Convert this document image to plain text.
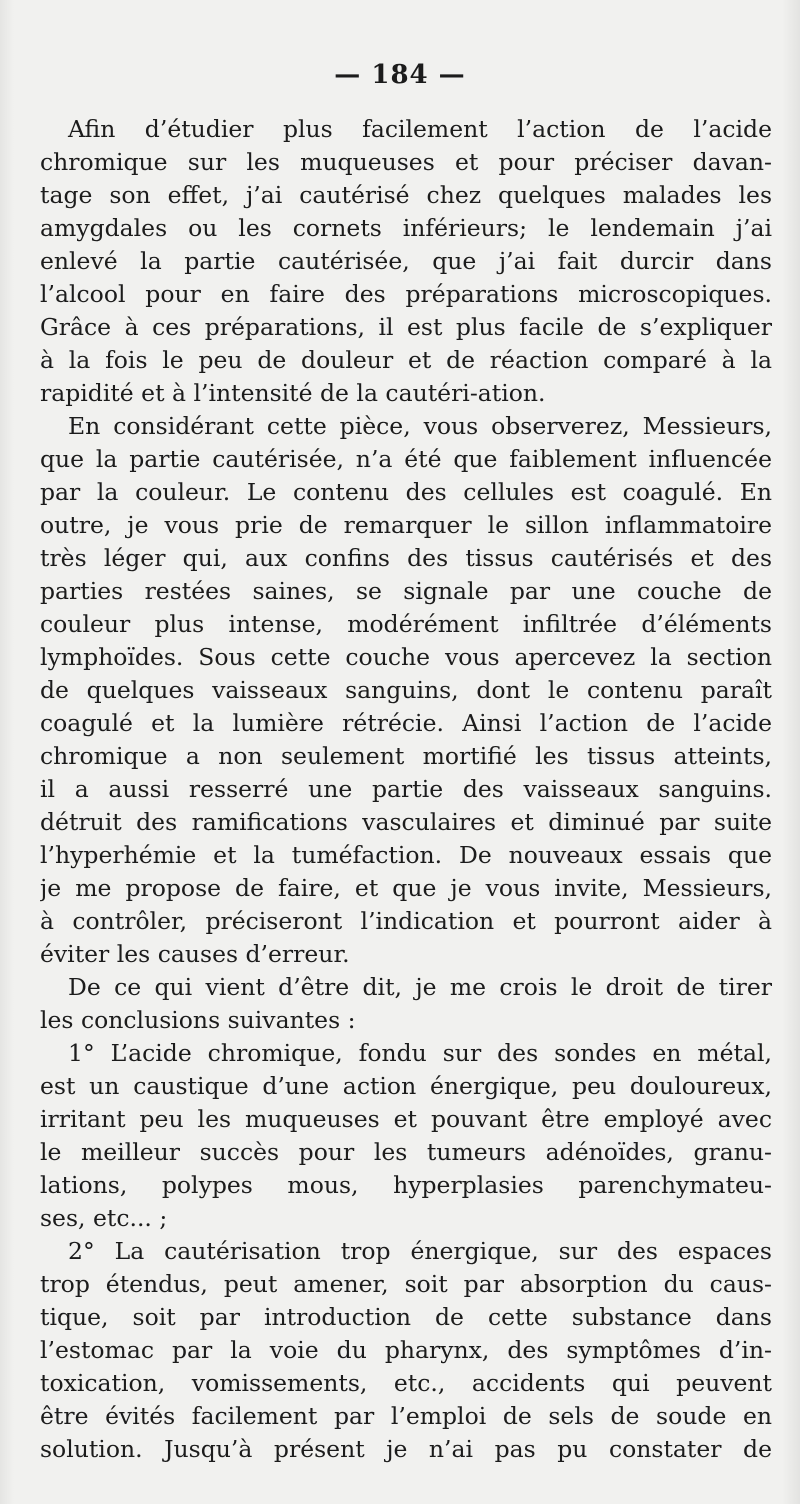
— 184 —
Afin d’étudier plus facilement l’action de l’acide
chromique sur les muqueuses et pour préciser davan-
tage son effet, j’ai cautérisé chez quelques malades les
amygdales ou les cornets inférieurs; le lendemain j’ai
enlevé la partie cautérisée, que j’ai fait durcir dans
l’alcool pour en faire des préparations microscopiques.
Grâce à ces préparations, il est plus facile de s’expliquer
à la fois le peu de douleur et de réaction comparé à la
rapidité et à l’intensité de la cautéri-ation.
En considérant cette pièce, vous observerez, Messieurs,
que la partie cautérisée, n’a été que faiblement influencée
par la couleur. Le contenu des cellules est coagulé. En
outre, je vous prie de remarquer le sillon inflammatoire
très léger qui, aux confins des tissus cautérisés et des
parties restées saines, se signale par une couche de
couleur plus intense, modérément infiltrée d’éléments
lymphoïdes. Sous cette couche vous apercevez la section
de quelques vaisseaux sanguins, dont le contenu paraît
coagulé et la lumière rétrécie. Ainsi l’action de l’acide
chromique a non seulement mortifié les tissus atteints,
il a aussi resserré une partie des vaisseaux sanguins.
détruit des ramifications vasculaires et diminué par suite
l’hyperhémie et la tuméfaction. De nouveaux essais que
je me propose de faire, et que je vous invite, Messieurs,
à contrôler, préciseront l’indication et pourront aider à
éviter les causes d’erreur.
De ce qui vient d’être dit, je me crois le droit de tirer
les conclusions suivantes :
1° L’acide chromique, fondu sur des sondes en métal,
est un caustique d’une action énergique, peu douloureux,
irritant peu les muqueuses et pouvant être employé avec
le meilleur succès pour les tumeurs adénoïdes, granu-
lations, polypes mous, hyperplasies parenchymateu-
ses, etc... ;
2° La cautérisation trop énergique, sur des espaces
trop étendus, peut amener, soit par absorption du caus-
tique, soit par introduction de cette substance dans
l’estomac par la voie du pharynx, des symptômes d’in-
toxication, vomissements, etc., accidents qui peuvent
être évités facilement par l’emploi de sels de soude en
solution. Jusqu’à présent je n’ai pas pu constater de
